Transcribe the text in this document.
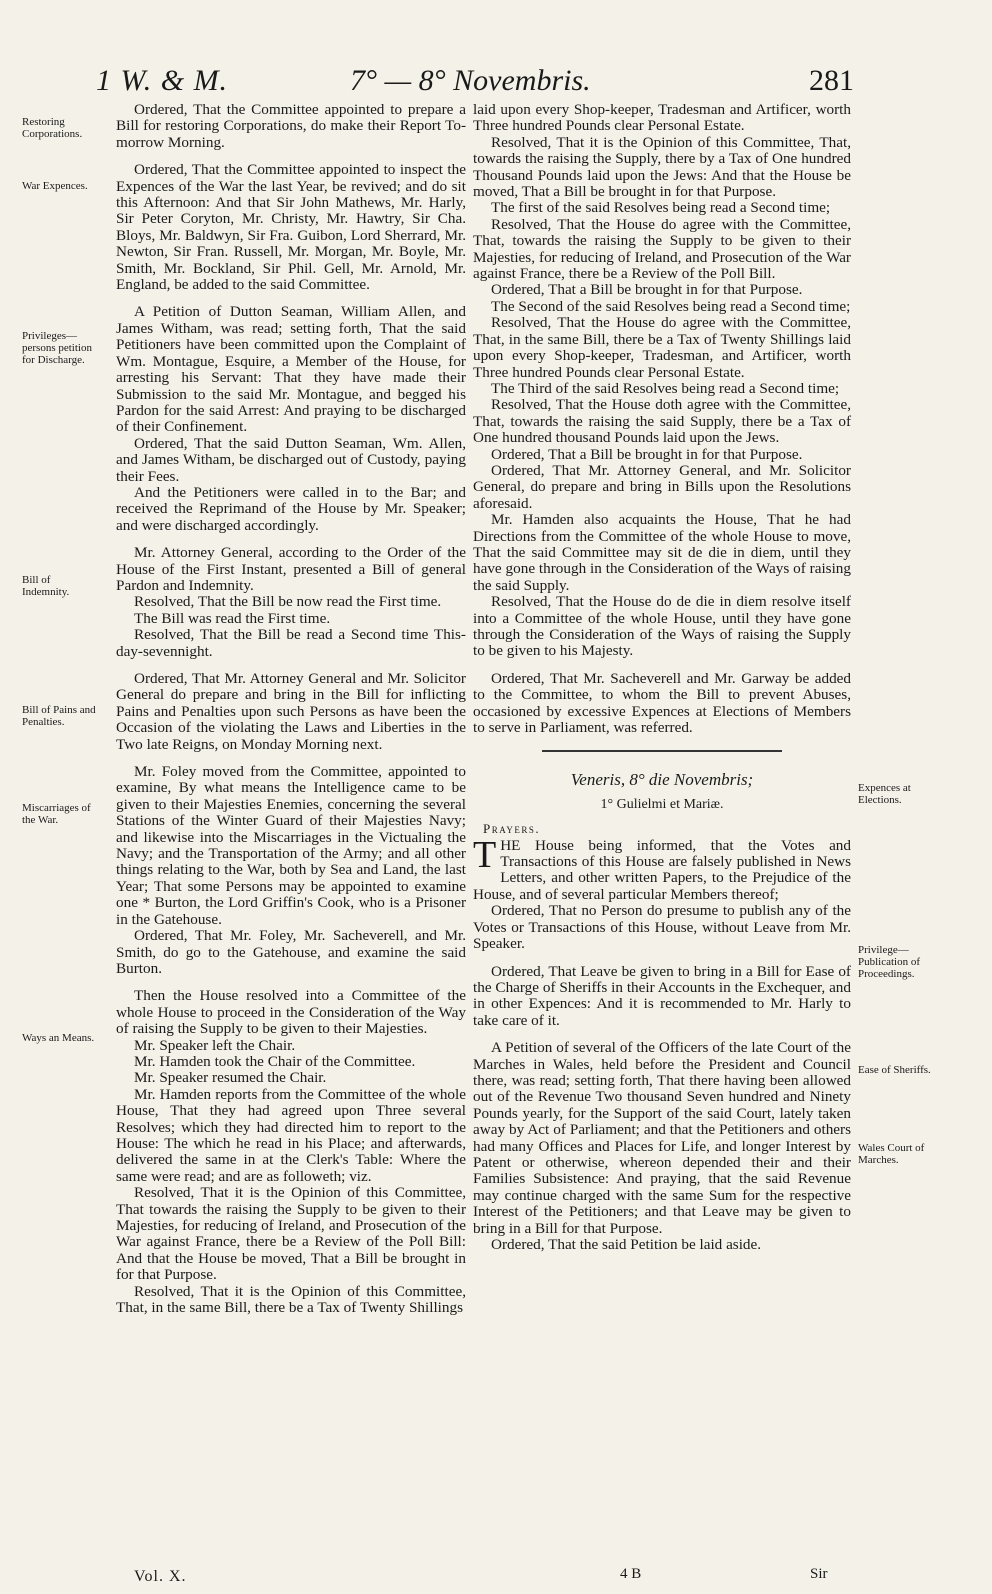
1 W. & M.	7° — 8° Novembris.	281
Restoring Corporations.
War Expences.
Privileges—persons petition for Discharge.
Bill of Indemnity.
Bill of Pains and Penalties.
Miscarriages of the War.
Ways an Means.
Expences at Elections.
Privilege—Publication of Proceedings.
Ease of Sheriffs.
Wales Court of Marches.

Ordered, That the Committee appointed to prepare a Bill for restoring Corporations, do make their Report To-morrow Morning.

Ordered, That the Committee appointed to inspect the Expences of the War the last Year, be revived; and do sit this Afternoon: And that Sir John Mathews, Mr. Harly, Sir Peter Coryton, Mr. Christy, Mr. Hawtry, Sir Cha. Bloys, Mr. Baldwyn, Sir Fra. Guibon, Lord Sherrard, Mr. Newton, Sir Fran. Russell, Mr. Morgan, Mr. Boyle, Mr. Smith, Mr. Bockland, Sir Phil. Gell, Mr. Arnold, Mr. England, be added to the said Committee.

A Petition of Dutton Seaman, William Allen, and James Witham, was read; setting forth, That the said Petitioners have been committed upon the Complaint of Wm. Montague, Esquire, a Member of the House, for arresting his Servant: That they have made their Submission to the said Mr. Montague, and begged his Pardon for the said Arrest: And praying to be discharged of their Confinement.

Ordered, That the said Dutton Seaman, Wm. Allen, and James Witham, be discharged out of Custody, paying their Fees.

And the Petitioners were called in to the Bar; and received the Reprimand of the House by Mr. Speaker; and were discharged accordingly.

Mr. Attorney General, according to the Order of the House of the First Instant, presented a Bill of general Pardon and Indemnity.

Resolved, That the Bill be now read the First time.

The Bill was read the First time.

Resolved, That the Bill be read a Second time This-day-sevennight.

Ordered, That Mr. Attorney General and Mr. Solicitor General do prepare and bring in the Bill for inflicting Pains and Penalties upon such Persons as have been the Occasion of the violating the Laws and Liberties in the Two late Reigns, on Monday Morning next.

Mr. Foley moved from the Committee, appointed to examine, By what means the Intelligence came to be given to their Majesties Enemies, concerning the several Stations of the Winter Guard of their Majesties Navy; and likewise into the Miscarriages in the Victualing the Navy; and the Transportation of the Army; and all other things relating to the War, both by Sea and Land, the last Year; That some Persons may be appointed to examine one * Burton, the Lord Griffin's Cook, who is a Prisoner in the Gatehouse.

Ordered, That Mr. Foley, Mr. Sacheverell, and Mr. Smith, do go to the Gatehouse, and examine the said Burton.

Then the House resolved into a Committee of the whole House to proceed in the Consideration of the Way of raising the Supply to be given to their Majesties.

Mr. Speaker left the Chair.

Mr. Hamden took the Chair of the Committee.

Mr. Speaker resumed the Chair.

Mr. Hamden reports from the Committee of the whole House, That they had agreed upon Three several Resolves; which they had directed him to report to the House: The which he read in his Place; and afterwards, delivered the same in at the Clerk's Table: Where the same were read; and are as followeth; viz.

Resolved, That it is the Opinion of this Committee, That towards the raising the Supply to be given to their Majesties, for reducing of Ireland, and Prosecution of the War against France, there be a Review of the Poll Bill: And that the House be moved, That a Bill be brought in for that Purpose.

Resolved, That it is the Opinion of this Committee, That, in the same Bill, there be a Tax of Twenty Shillings

laid upon every Shop-keeper, Tradesman and Artificer, worth Three hundred Pounds clear Personal Estate.

Resolved, That it is the Opinion of this Committee, That, towards the raising the Supply, there by a Tax of One hundred Thousand Pounds laid upon the Jews: And that the House be moved, That a Bill be brought in for that Purpose.

The first of the said Resolves being read a Second time;

Resolved, That the House do agree with the Committee, That, towards the raising the Supply to be given to their Majesties, for reducing of Ireland, and Prosecution of the War against France, there be a Review of the Poll Bill.

Ordered, That a Bill be brought in for that Purpose.

The Second of the said Resolves being read a Second time;

Resolved, That the House do agree with the Committee, That, in the same Bill, there be a Tax of Twenty Shillings laid upon every Shop-keeper, Tradesman, and Artificer, worth Three hundred Pounds clear Personal Estate.

The Third of the said Resolves being read a Second time;

Resolved, That the House doth agree with the Committee, That, towards the raising the said Supply, there be a Tax of One hundred thousand Pounds laid upon the Jews.

Ordered, That a Bill be brought in for that Purpose.

Ordered, That Mr. Attorney General, and Mr. Solicitor General, do prepare and bring in Bills upon the Resolutions aforesaid.

Mr. Hamden also acquaints the House, That he had Directions from the Committee of the whole House to move, That the said Committee may sit de die in diem, until they have gone through in the Consideration of the Ways of raising the said Supply.

Resolved, That the House do de die in diem resolve itself into a Committee of the whole House, until they have gone through the Consideration of the Ways of raising the Supply to be given to his Majesty.

Ordered, That Mr. Sacheverell and Mr. Garway be added to the Committee, to whom the Bill to prevent Abuses, occasioned by excessive Expences at Elections of Members to serve in Parliament, was referred.

Veneris, 8° die Novembris;

1° Gulielmi et Mariæ.

Prayers.

THE House being informed, that the Votes and Transactions of this House are falsely published in News Letters, and other written Papers, to the Prejudice of the House, and of several particular Members thereof;

Ordered, That no Person do presume to publish any of the Votes or Transactions of this House, without Leave from Mr. Speaker.

Ordered, That Leave be given to bring in a Bill for Ease of the Charge of Sheriffs in their Accounts in the Exchequer, and in other Expences: And it is recommended to Mr. Harly to take care of it.

A Petition of several of the Officers of the late Court of the Marches in Wales, held before the President and Council there, was read; setting forth, That there having been allowed out of the Revenue Two thousand Seven hundred and Ninety Pounds yearly, for the Support of the said Court, lately taken away by Act of Parliament; and that the Petitioners and others had many Offices and Places for Life, and longer Interest by Patent or otherwise, whereon depended their and their Families Subsistence: And praying, that the said Revenue may continue charged with the same Sum for the respective Interest of the Petitioners; and that Leave may be given to bring in a Bill for that Purpose.

Ordered, That the said Petition be laid aside.

Vol. X.	4 B	Sir
